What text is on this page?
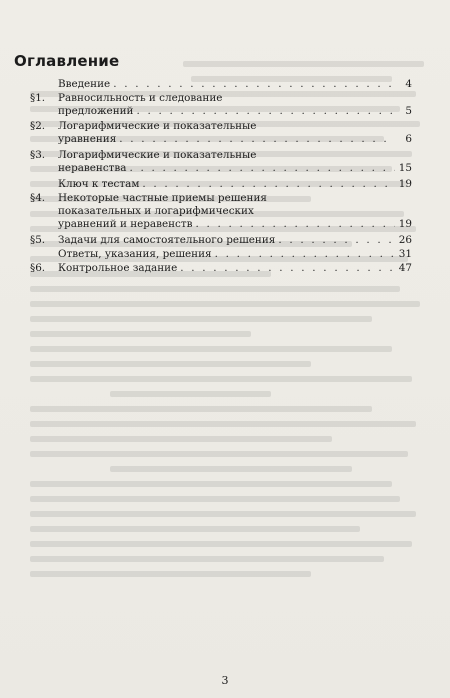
Оглавление
Введение . . .	4
§1.	Равносильность и следование
предложений . . .	5
§2.	Логарифмические и показательные
уравнения . . .	6
§3.	Логарифмические и показательные
неравенства . . .	15
Ключ к тестам . . .	19
§4.	Некоторые частные приемы решения
показательных и логарифмических
уравнений и неравенств . . .	19
§5.	Задачи для самостоятельного решения . . .	26
Ответы, указания, решения . . .	31
§6.	Контрольное задание . . .	47
3
